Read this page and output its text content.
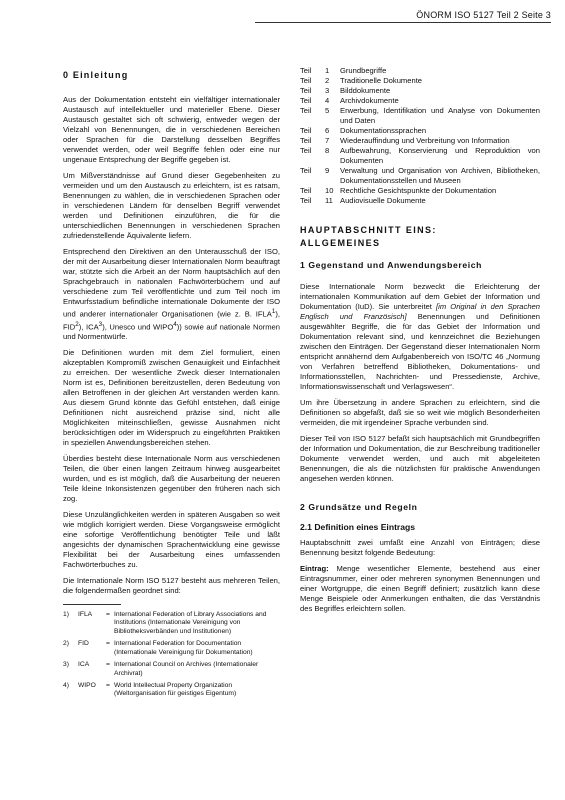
ÖNORM ISO 5127 Teil 2 Seite 3
0 Einleitung

Aus der Dokumentation entsteht ein vielfältiger internationaler Austausch auf intellektueller und materieller Ebene. Dieser Austausch gestaltet sich oft schwierig, entweder wegen der Vielzahl von Benennungen, die in verschiedenen Bereichen oder Sprachen für die Darstellung desselben Begriffes verwendet werden, oder weil Begriffe fehlen oder eine nur ungenaue Entsprechung der Begriffe gegeben ist.

Um Mißverständnisse auf Grund dieser Gegebenheiten zu vermeiden und um den Austausch zu erleichtern, ist es ratsam, Benennungen zu wählen, die in verschiedenen Sprachen oder in verschiedenen Ländern für denselben Begriff verwendet werden und Definitionen einzuführen, die für die unterschiedlichen Benennungen in verschiedenen Sprachen zufriedenstellende Äquivalente liefern.

Entsprechend den Direktiven an den Unterausschuß der ISO, der mit der Ausarbeitung dieser Internationalen Norm beauftragt war, stützte sich die Arbeit an der Norm hauptsächlich auf den Sprachgebrauch in nationalen Fachwörterbüchern und auf verschiedene zum Teil veröffentlichte und zum Teil noch im Entwurfsstadium befindliche internationale Dokumente der ISO und anderer internationaler Organisationen (wie z. B. IFLA$^1$), FID$^2$), ICA$^3$), Unesco und WIPO$^4$)) sowie auf nationale Normen und Normentwürfe.

Die Definitionen wurden mit dem Ziel formuliert, einen akzeptablen Kompromiß zwischen Genauigkeit und Einfachheit zu erreichen. Der wesentliche Zweck dieser Internationalen Norm ist es, Definitionen bereitzustellen, deren Bedeutung von allen Betroffenen in der gleichen Art verstanden werden kann. Aus diesem Grund könnte das Gefühl entstehen, daß einige Definitionen nicht ausreichend präzise sind, nicht alle Möglichkeiten miteinschließen, gewisse Ausnahmen nicht berücksichtigen oder im Widerspruch zu eingeführten Praktiken in speziellen Anwendungsbereichen stehen.

Überdies besteht diese Internationale Norm aus verschiedenen Teilen, die über einen langen Zeitraum hinweg ausgearbeitet wurden, und es ist möglich, daß die Ausarbeitung der neueren Teile kleine Inkonsistenzen gegenüber den früheren nach sich zog.

Diese Unzulänglichkeiten werden in späteren Ausgaben so weit wie möglich korrigiert werden. Diese Vorgangsweise ermöglicht eine sofortige Veröffentlichung benötigter Teile und läßt angesichts der dynamischen Sprachentwicklung eine gewisse Flexibilität bei der Ausarbeitung eines umfassenden Fachwörterbuches zu.

Die Internationale Norm ISO 5127 besteht aus mehreren Teilen, die folgendermaßen geordnet sind:

1)	IFLA	= International Federation of Library Associations and Institutions (Internationale Vereinigung von Bibliotheksverbänden und Institutionen)
2)	FID	= International Federation for Documentation (Internationale Vereinigung für Dokumentation)
3)	ICA	= International Council on Archives (Internationaler Archivrat)
4)	WIPO	= World Intellectual Property Organization (Weltorganisation für geistiges Eigentum)
Teil	1	Grundbegriffe
Teil	2	Traditionelle Dokumente
Teil	3	Bilddokumente
Teil	4	Archivdokumente
Teil	5	Erwerbung, Identifikation und Analyse von Dokumenten und Daten
Teil	6	Dokumentationssprachen
Teil	7	Wiederauffindung und Verbreitung von Information
Teil	8	Aufbewahrung, Konservierung und Reproduktion von Dokumenten
Teil	9	Verwaltung und Organisation von Archiven, Bibliotheken, Dokumentationsstellen und Museen
Teil	10	Rechtliche Gesichtspunkte der Dokumentation
Teil	11	Audiovisuelle Dokumente
HAUPTABSCHNITT EINS:
ALLGEMEINES
1 Gegenstand und Anwendungsbereich

Diese Internationale Norm bezweckt die Erleichterung der internationalen Kommunikation auf dem Gebiet der Information und Dokumentation (IuD). Sie unterbreitet [im Original in den Sprachen Englisch und Französisch] Benennungen und Definitionen ausgewählter Begriffe, die für das Gebiet der Information und Dokumentation relevant sind, und kennzeichnet die Beziehungen zwischen den Einträgen. Der Gegenstand dieser Internationalen Norm entspricht annähernd dem Aufgabenbereich von ISO/TC 46 „Normung von Verfahren betreffend Bibliotheken, Dokumentations- und Informationsstellen, Nachrichten- und Pressedienste, Archive, Informationswissenschaft und Verlagswesen“.

Um ihre Übersetzung in andere Sprachen zu erleichtern, sind die Definitionen so abgefaßt, daß sie so weit wie möglich Besonderheiten vermeiden, die mit irgendeiner Sprache verbunden sind.

Dieser Teil von ISO 5127 befaßt sich hauptsächlich mit Grundbegriffen der Information und Dokumentation, die zur Beschreibung traditioneller Dokumente verwendet werden, und auch mit abgeleiteten Benennungen, die als die nützlichsten für praktische Anwendungen angesehen werden können.

2 Grundsätze und Regeln
2.1 Definition eines Eintrags

Hauptabschnitt zwei umfaßt eine Anzahl von Einträgen; diese Benennung besitzt folgende Bedeutung:

Eintrag: Menge wesentlicher Elemente, bestehend aus einer Eintragsnummer, einer oder mehreren synonymen Benennungen und einer Wortgruppe, die einen Begriff definiert; zusätzlich kann diese Menge Beispiele oder Anmerkungen enthalten, die das Verständnis des Begriffes erleichtern sollen.
